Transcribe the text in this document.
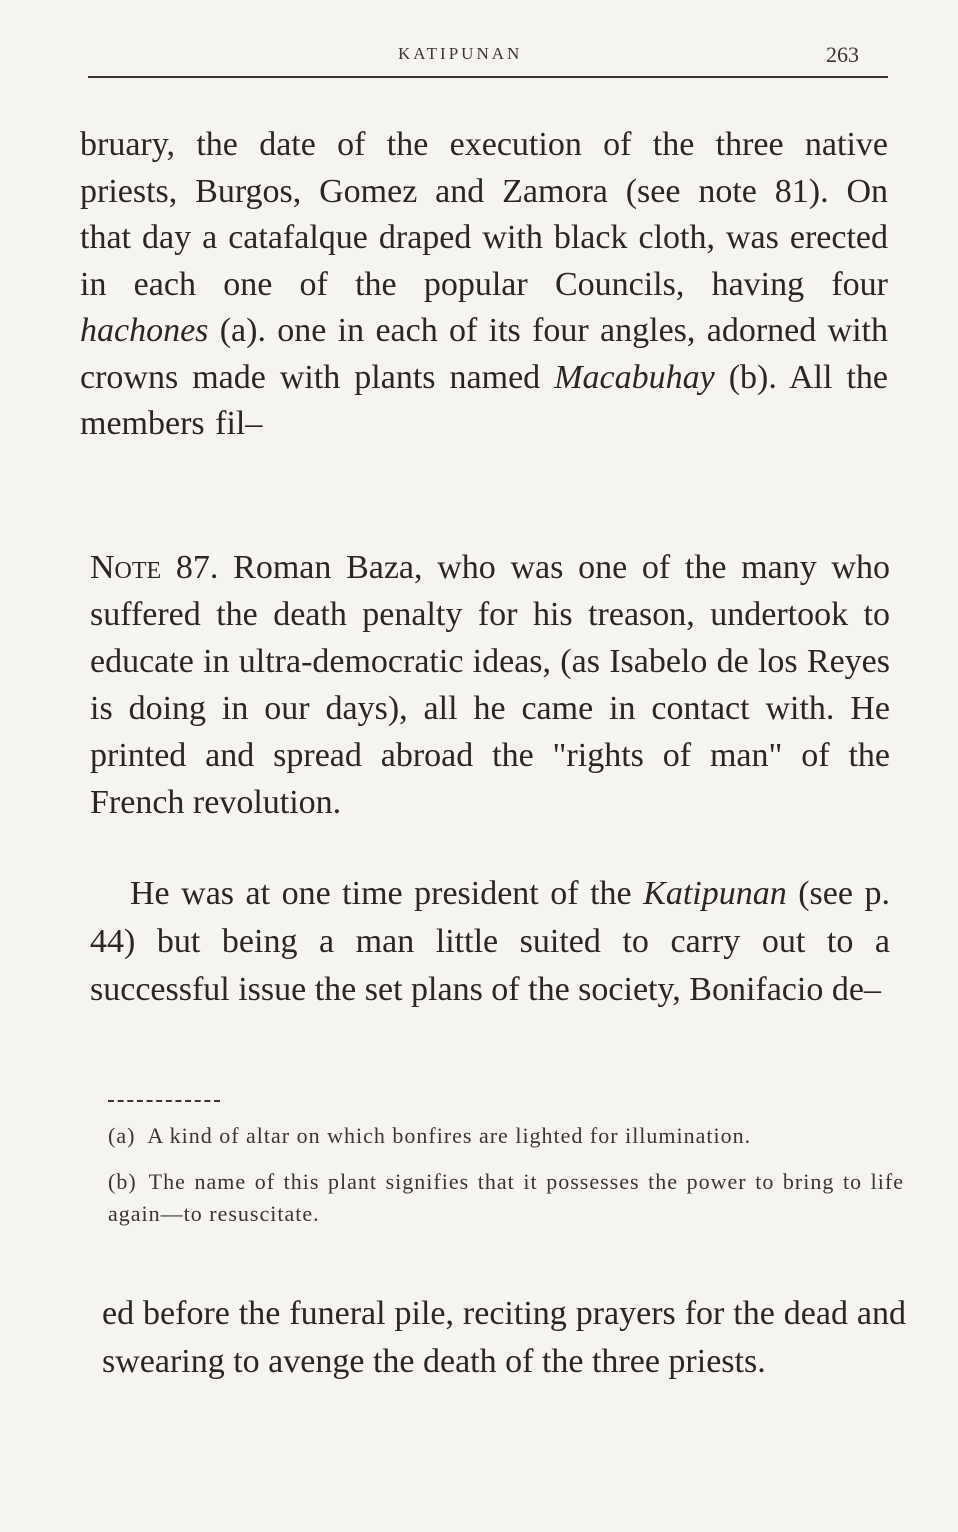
KATIPUNAN	263

bruary, the date of the execution of the three native priests, Burgos, Gomez and Zamora (see note 81). On that day a catafalque draped with black cloth, was erected in each one of the popular Councils, having four hachones (a). one in each of its four angles, adorned with crowns made with plants named Macabuhay (b). All the members fil–

Note 87. Roman Baza, who was one of the many who suffered the death penalty for his treason, undertook to educate in ultra-democratic ideas, (as Isabelo de los Reyes is doing in our days), all he came in contact with. He printed and spread abroad the "rights of man" of the French revolution.

He was at one time president of the Katipunan (see p. 44) but being a man little suited to carry out to a successful issue the set plans of the society, Bonifacio de–

(a) A kind of altar on which bonfires are lighted for illumination.

(b) The name of this plant signifies that it possesses the power to bring to life again—to resuscitate.

ed before the funeral pile, reciting prayers for the dead and swearing to avenge the death of the three priests.
